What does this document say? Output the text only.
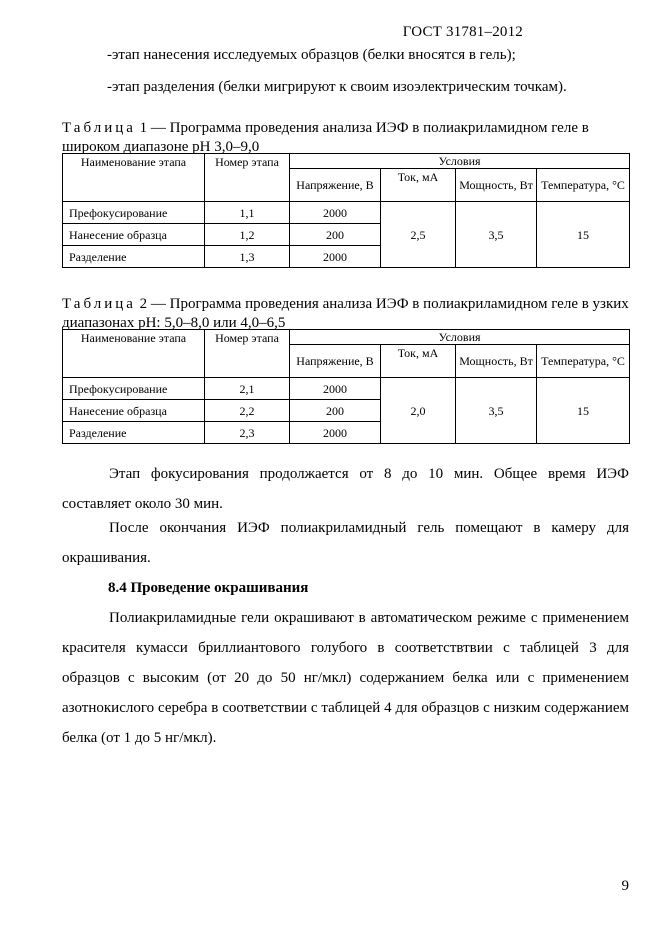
ГОСТ 31781–2012
-этап нанесения исследуемых образцов (белки вносятся в гель);
-этап разделения (белки мигрируют к своим изоэлектрическим точкам).
Таблица 1 — Программа проведения анализа ИЭФ в полиакриламидном геле в широком диапазоне pH 3,0–9,0
Наименование этапа	Номер этапа	Условия			
		Напряжение, В	Ток, мА	Мощность, Вт	Температура, °С
Префокусирование	1,1	2000	2,5	3,5	15
Нанесение образца	1,2	200			
Разделение	1,3	2000			
Таблица 2 — Программа проведения анализа ИЭФ в полиакриламидном геле в узких диапазонах pH: 5,0–8,0 или 4,0–6,5
Наименование этапа	Номер этапа	Условия			
		Напряжение, В	Ток, мА	Мощность, Вт	Температура, °С
Префокусирование	2,1	2000	2,0	3,5	15
Нанесение образца	2,2	200			
Разделение	2,3	2000			
Этап фокусирования продолжается от 8 до 10 мин. Общее время ИЭФ составляет около 30 мин.
После окончания ИЭФ полиакриламидный гель помещают в камеру для окрашивания.
8.4 Проведение окрашивания
Полиакриламидные гели окрашивают в автоматическом режиме с применением красителя кумасси бриллиантового голубого в соответствтвии с таблицей 3 для образцов с высоким (от 20 до 50 нг/мкл) содержанием белка или с применением азотнокислого серебра в соответствии с таблицей 4 для образцов с низким содержанием белка (от 1 до 5 нг/мкл).
9
